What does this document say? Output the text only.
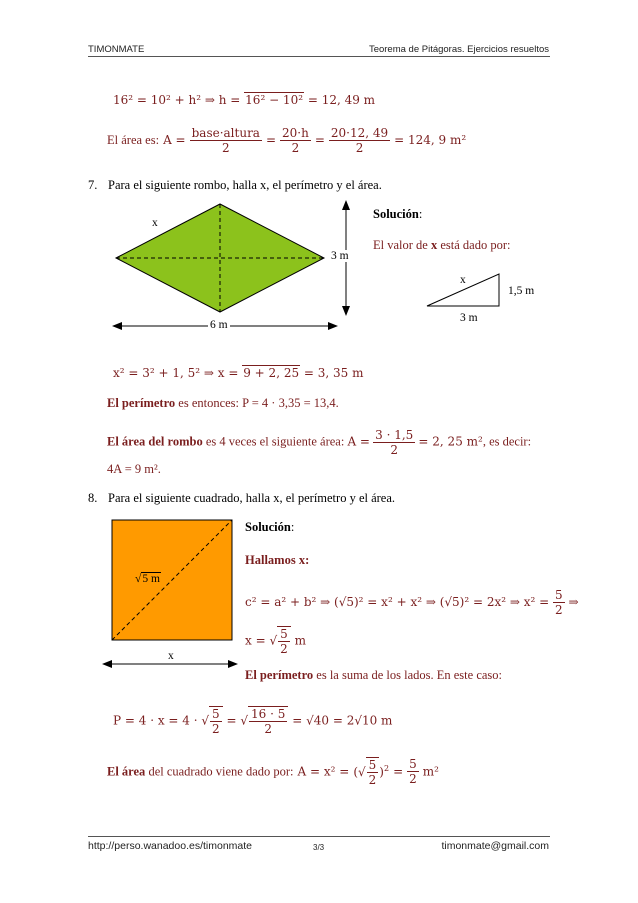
TIMONMATE	Teorema de Pitágoras. Ejercicios resueltos
16² = 10² + h² ⇒ h = 16² − 10² = 12, 49 m
El área es: $A = \frac{\text{base·altura}}{2} = \frac{20\cdot h}{2} = \frac{20\cdot 12, 49}{2} = 124$, 9 m²
7. Para el siguiente rombo, halla x, el perímetro y el área.
x
3 m
6 m
Solución:
El valor de x está dado por:
x
1,5 m
3 m
x² = 3² + 1, 5² ⇒ x = 9 + 2, 25 = 3, 35 m
El perímetro es entonces: P = 4 · 3,35 = 13,4.
El área del rombo es 4 veces el siguiente área: $A = \frac{3 \cdot 1,5}{2} = 2$, 25 m², es decir:
4A = 9 m².
8. Para el siguiente cuadrado, halla x, el perímetro y el área.
√5 m
x
Solución:
Hallamos x:
c² = a² + b² ⇒ (√5)² = x² + x² ⇒ (√5)² = 2x² ⇒ $x^2 = \frac{5}{2}$ ⇒
x = √ $\frac{5}{2}$ m
El perímetro es la suma de los lados. En este caso:
P = 4 · x = 4 · √ $\frac{5}{2}$ = √ $\frac{16 \cdot 5}{2} = √40 = 2√10$ m
El área del cuadrado viene dado por: A = x² = (√ $\frac{5}{2} )^2 = \frac{5}{2} m^2$
http://perso.wanadoo.es/timonmate	3/3	timonmate@gmail.com
